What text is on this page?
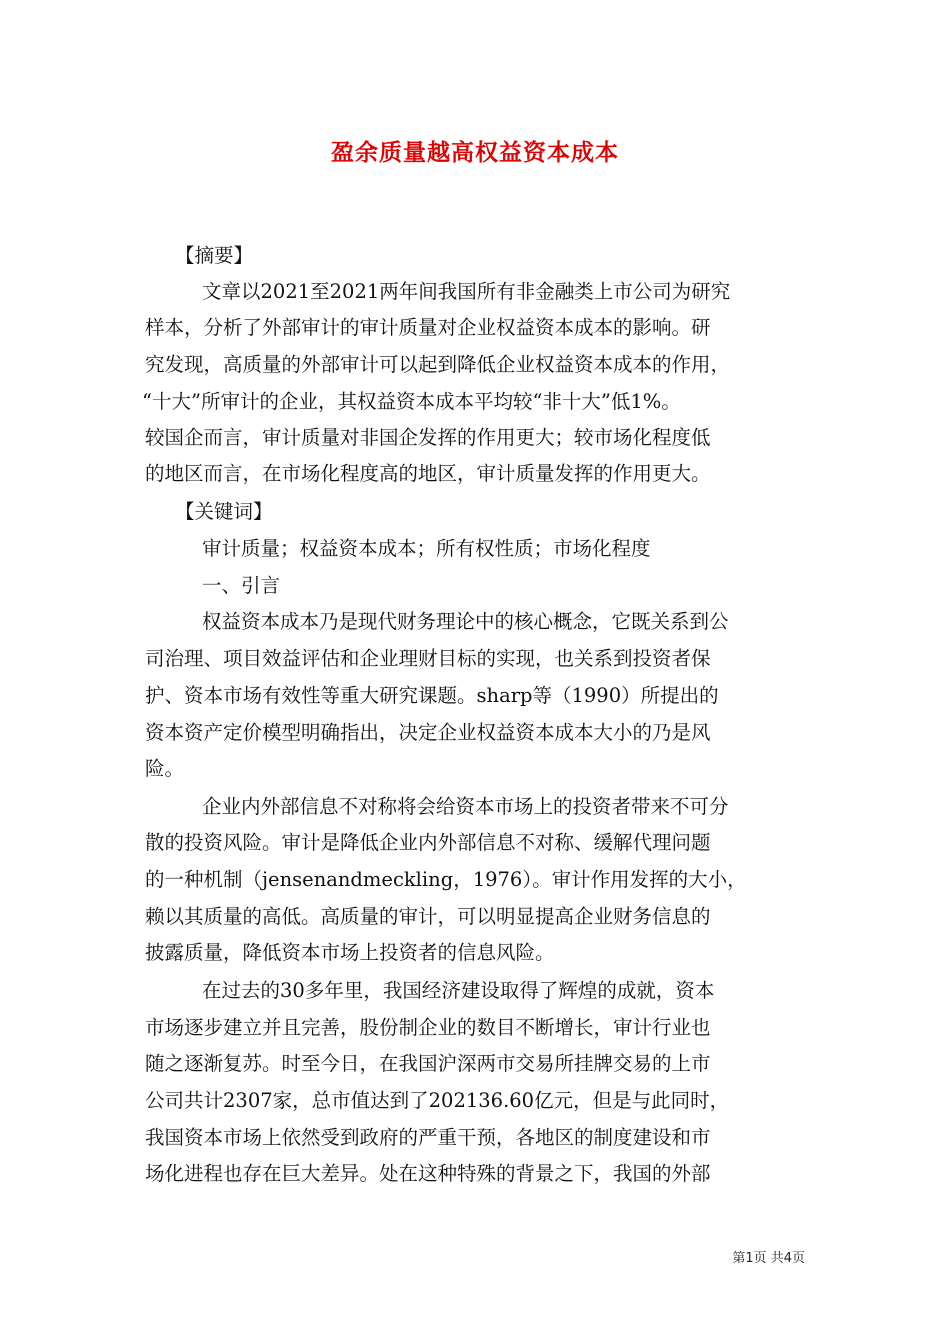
盈余质量越高权益资本成本
【摘要】
文章以2021至2021两年间我国所有非金融类上市公司为研究
样本，分析了外部审计的审计质量对企业权益资本成本的影响。研
究发现，高质量的外部审计可以起到降低企业权益资本成本的作用，
“十大”所审计的企业，其权益资本成本平均较“非十大”低1%。
较国企而言，审计质量对非国企发挥的作用更大；较市场化程度低
的地区而言，在市场化程度高的地区，审计质量发挥的作用更大。
【关键词】
审计质量；权益资本成本；所有权性质；市场化程度
一、引言
权益资本成本乃是现代财务理论中的核心概念，它既关系到公
司治理、项目效益评估和企业理财目标的实现，也关系到投资者保
护、资本市场有效性等重大研究课题。sharp等（1990）所提出的
资本资产定价模型明确指出，决定企业权益资本成本大小的乃是风
险。
企业内外部信息不对称将会给资本市场上的投资者带来不可分
散的投资风险。审计是降低企业内外部信息不对称、缓解代理问题
的一种机制（jensenandmeckling，1976）。审计作用发挥的大小，
赖以其质量的高低。高质量的审计，可以明显提高企业财务信息的
披露质量，降低资本市场上投资者的信息风险。
在过去的30多年里，我国经济建设取得了辉煌的成就，资本
市场逐步建立并且完善，股份制企业的数目不断增长，审计行业也
随之逐渐复苏。时至今日，在我国沪深两市交易所挂牌交易的上市
公司共计2307家，总市值达到了202136.60亿元，但是与此同时，
我国资本市场上依然受到政府的严重干预，各地区的制度建设和市
场化进程也存在巨大差异。处在这种特殊的背景之下，我国的外部
第1页 共4页
